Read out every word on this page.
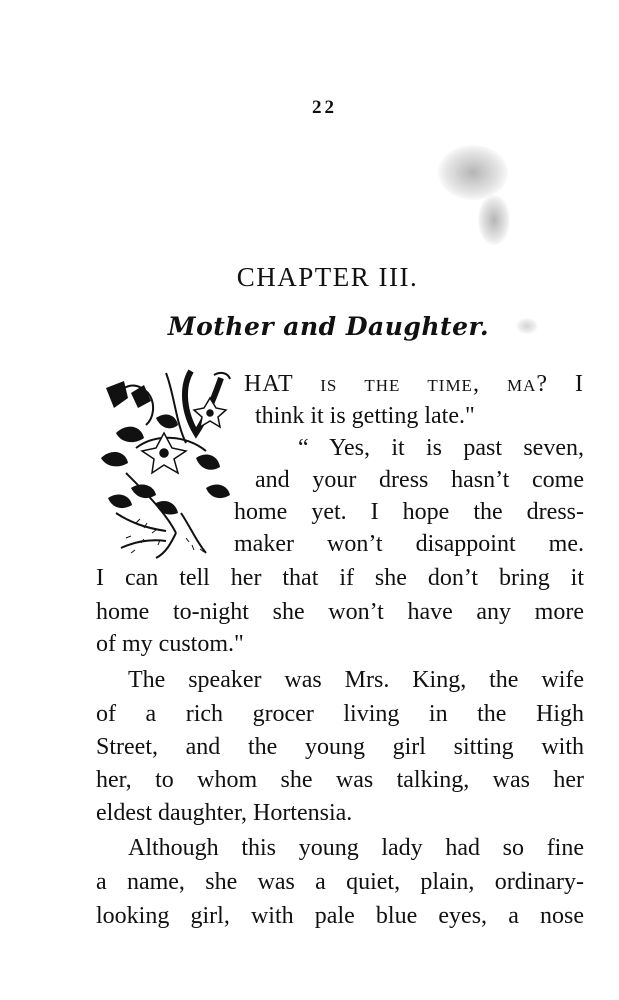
22
CHAPTER III.
Mother and Daughter.
HAT is the time, ma? I
think it is getting late."
“ Yes, it is past seven,
and your dress hasn’t come
home yet. I hope the dress-
maker won’t disappoint me.
I can tell her that if she don’t bring it
home to-night she won’t have any more
of my custom."
The speaker was Mrs. King, the wife
of a rich grocer living in the High
Street, and the young girl sitting with
her, to whom she was talking, was her
eldest daughter, Hortensia.
Although this young lady had so fine
a name, she was a quiet, plain, ordinary-
looking girl, with pale blue eyes, a nose
